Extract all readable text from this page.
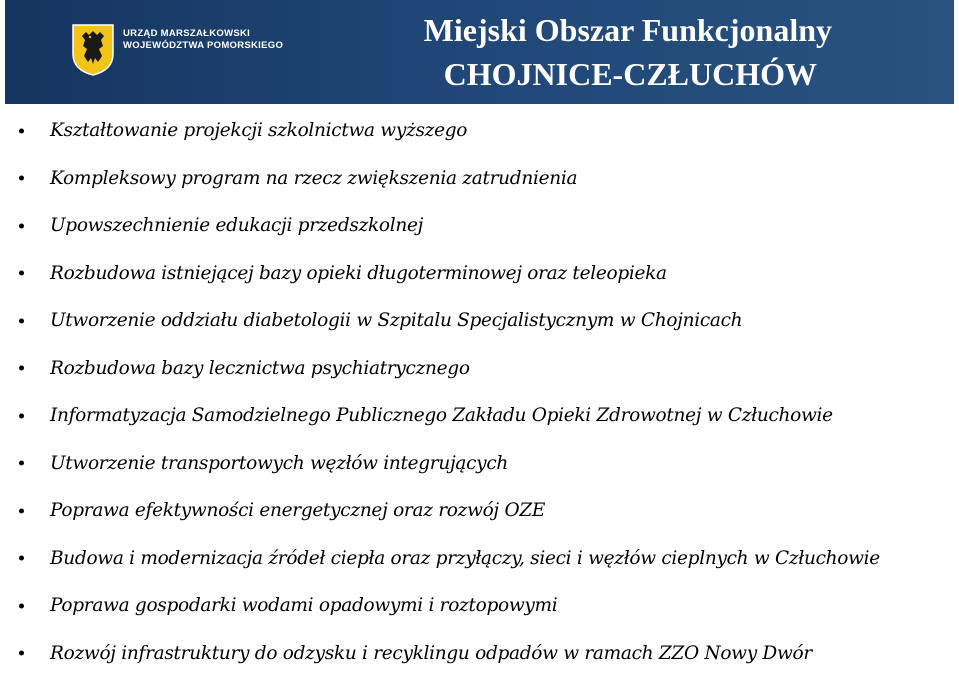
URZĄD MARSZAŁKOWSKI
WOJEWÓDZTWA POMORSKIEGO	Miejski Obszar Funkcjonalny
CHOJNICE-CZŁUCHÓW
Kształtowanie projekcji szkolnictwa wyższego
Kompleksowy program na rzecz zwiększenia zatrudnienia
Upowszechnienie edukacji przedszkolnej
Rozbudowa istniejącej bazy opieki długoterminowej oraz teleopieka
Utworzenie oddziału diabetologii w Szpitalu Specjalistycznym w Chojnicach
Rozbudowa bazy lecznictwa psychiatrycznego
Informatyzacja Samodzielnego Publicznego Zakładu Opieki Zdrowotnej w Człuchowie
Utworzenie transportowych węzłów integrujących
Poprawa efektywności energetycznej oraz rozwój OZE
Budowa i modernizacja źródeł ciepła oraz przyłączy, sieci i węzłów cieplnych w Człuchowie
Poprawa gospodarki wodami opadowymi i roztopowymi
Rozwój infrastruktury do odzysku i recyklingu odpadów w ramach ZZO Nowy Dwór
